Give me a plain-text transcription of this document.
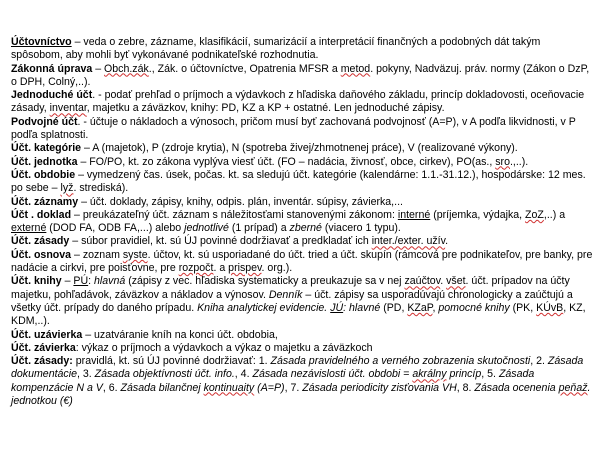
Účtovníctvo – veda o zebre, zázname, klasifikácií, sumarizácií a interpretácií finančných a podobných dát takým spôsobom, aby mohli byť vykonávané podnikateľské rozhodnutia.

Zákonná úprava – Obch.zák., Zák. o účtovníctve, Opatrenia MFSR a metod. pokyny, Nadväzuj. práv. normy (Zákon o DzP, o DPH, Colný,..).

Jednoduché účt. - podať prehľad o príjmoch a výdavkoch z hľadiska daňového základu, princíp dokladovosti, oceňovacie zásady, inventar, majetku a záväzkov, knihy: PD, KZ a KP + ostatné. Len jednoduché zápisy.

Podvojné účt. - účtuje o nákladoch a výnosoch, pričom musí byť zachovaná podvojnosť (A=P), v A podľa likvidnosti, v P podľa splatnosti.

Účt. kategórie – A (majetok), P (zdroje krytia), N (spotreba živej/zhmotnenej práce), V (realizované výkony).

Účt. jednotka – FO/PO, kt. zo zákona vyplýva viesť účt. (FO – nadácia, živnosť, obce, cirkev), PO(as., sro.,..).

Účt. obdobie – vymedzený čas. úsek, počas. kt. sa sledujú účt. kategórie (kalendárne: 1.1.-31.12.), hospodárske: 12 mes. po sebe – lyž. strediská).

Účt. záznamy – účt. doklady, zápisy, knihy, odpis. plán, inventár. súpisy, závierka,...

Účt . doklad – preukázateľný účt. záznam s náležitosťami stanovenými zákonom: interné (príjemka, výdajka, ZoZ,..) a externé (DOD FA, ODB FA,...) alebo jednotlivé (1 prípad) a zberné (viacero 1 typu).

Účt. zásady – súbor pravidiel, kt. sú ÚJ povinné dodržiavať a predkladať ich inter./exter. užív.

Účt. osnova – zoznam syste. účtov, kt. sú usporiadané do účt. tried a účt. skupín (rámcová pre podnikateľov, pre banky, pre nadácie a cirkvi, pre poisťovne, pre rozpočt. a prispev. org.).

Účt. knihy – PÚ: hlavná (zápisy z vec. hľadiska systematicky a preukazuje sa v nej zaúčtov. všet. účt. prípadov na účty majetku, pohľadávok, záväzkov a nákladov a výnosov. Denník – účt. zápisy sa usporadúvajú chronologicky a zaúčtujú a všetky účt. prípady do daného prípadu. Kniha analytickej evidencie. JÚ: hlavné (PD, KZaP, pomocné knihy (PK, KÚvB, KZ, KDM,..).

Účt. uzávierka – uzatváranie kníh na konci účt. obdobia,

Účt. závierka: výkaz o príjmoch a výdavkoch a výkaz o majetku a záväzkoch

Účt. zásady: pravidlá, kt. sú ÚJ povinné dodržiavať: 1. Zásada pravidelného a verného zobrazenia skutočnosti, 2. Zásada dokumentácie, 3. Zásada objektívnosti účt. info., 4. Zásada nezávislosti účt. obdobi = akrálny princíp, 5. Zásada kompenzácie N a V, 6. Zásada bilančnej kontinuaity (A=P), 7. Zásada periodicity zisťovania VH, 8. Zásada ocenenia peňaž. jednotkou (€)
